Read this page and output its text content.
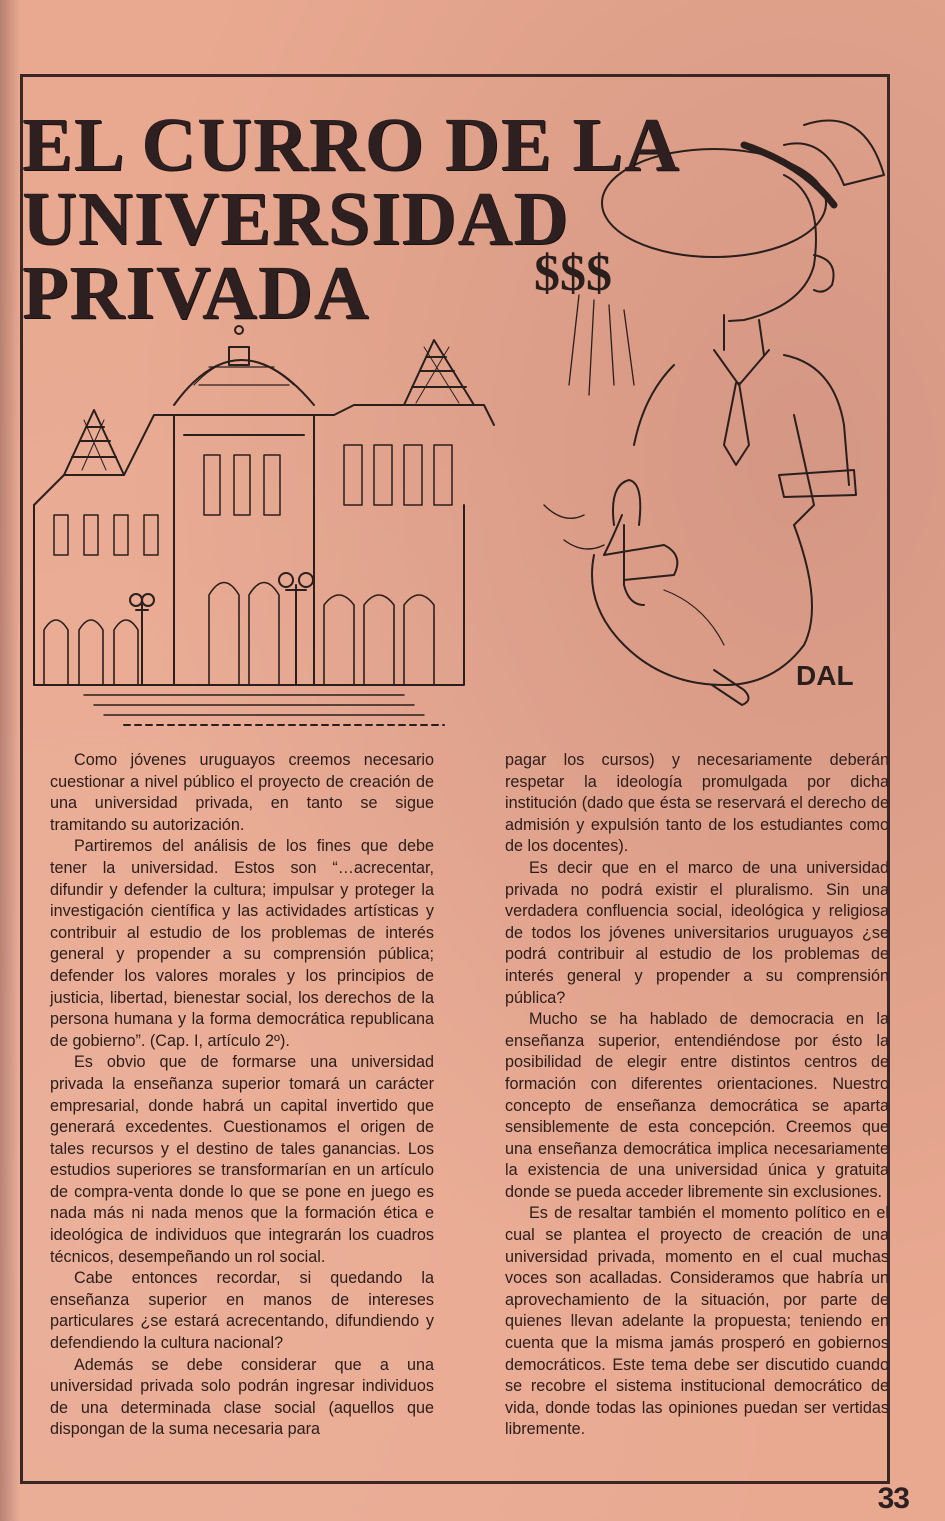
$$$
DAL
EL CURRO DE LA
UNIVERSIDAD
PRIVADA

Como jóvenes uruguayos creemos necesario cuestionar a nivel público el proyecto de creación de una universidad privada, en tanto se sigue tramitando su autorización.

Partiremos del análisis de los fines que debe tener la universidad. Estos son “…acrecentar, difundir y defender la cultura; impulsar y proteger la investigación científica y las actividades artísticas y contribuir al estudio de los problemas de interés general y propender a su comprensión pública; defender los valores morales y los principios de justicia, libertad, bienestar social, los derechos de la persona humana y la forma democrática republicana de gobierno”. (Cap. I, artículo 2º).

Es obvio que de formarse una universidad privada la enseñanza superior tomará un carácter empresarial, donde habrá un capital invertido que generará excedentes. Cuestionamos el origen de tales recursos y el destino de tales ganancias. Los estudios superiores se transformarían en un artículo de compra-venta donde lo que se pone en juego es nada más ni nada menos que la formación ética e ideológica de individuos que integrarán los cuadros técnicos, desempeñando un rol social.

Cabe entonces recordar, si quedando la enseñanza superior en manos de intereses particulares ¿se estará acrecentando, difundiendo y defendiendo la cultura nacional?

Además se debe considerar que a una universidad privada solo podrán ingresar individuos de una determinada clase social (aquellos que dispongan de la suma necesaria para

pagar los cursos) y necesariamente deberán respetar la ideología promulgada por dicha institución (dado que ésta se reservará el derecho de admisión y expulsión tanto de los estudiantes como de los docentes).

Es decir que en el marco de una universidad privada no podrá existir el pluralismo. Sin una verdadera confluencia social, ideológica y religiosa de todos los jóvenes universitarios uruguayos ¿se podrá contribuir al estudio de los problemas de interés general y propender a su comprensión pública?

Mucho se ha hablado de democracia en la enseñanza superior, entendiéndose por ésto la posibilidad de elegir entre distintos centros de formación con diferentes orientaciones. Nuestro concepto de enseñanza democrática se aparta sensiblemente de esta concepción. Creemos que una enseñanza democrática implica necesariamente la existencia de una universidad única y gratuita donde se pueda acceder libremente sin exclusiones.

Es de resaltar también el momento político en el cual se plantea el proyecto de creación de una universidad privada, momento en el cual muchas voces son acalladas. Consideramos que habría un aprovechamiento de la situación, por parte de quienes llevan adelante la propuesta; teniendo en cuenta que la misma jamás prosperó en gobiernos democráticos. Este tema debe ser discutido cuando se recobre el sistema institucional democrático de vida, donde todas las opiniones puedan ser vertidas libremente.

33
